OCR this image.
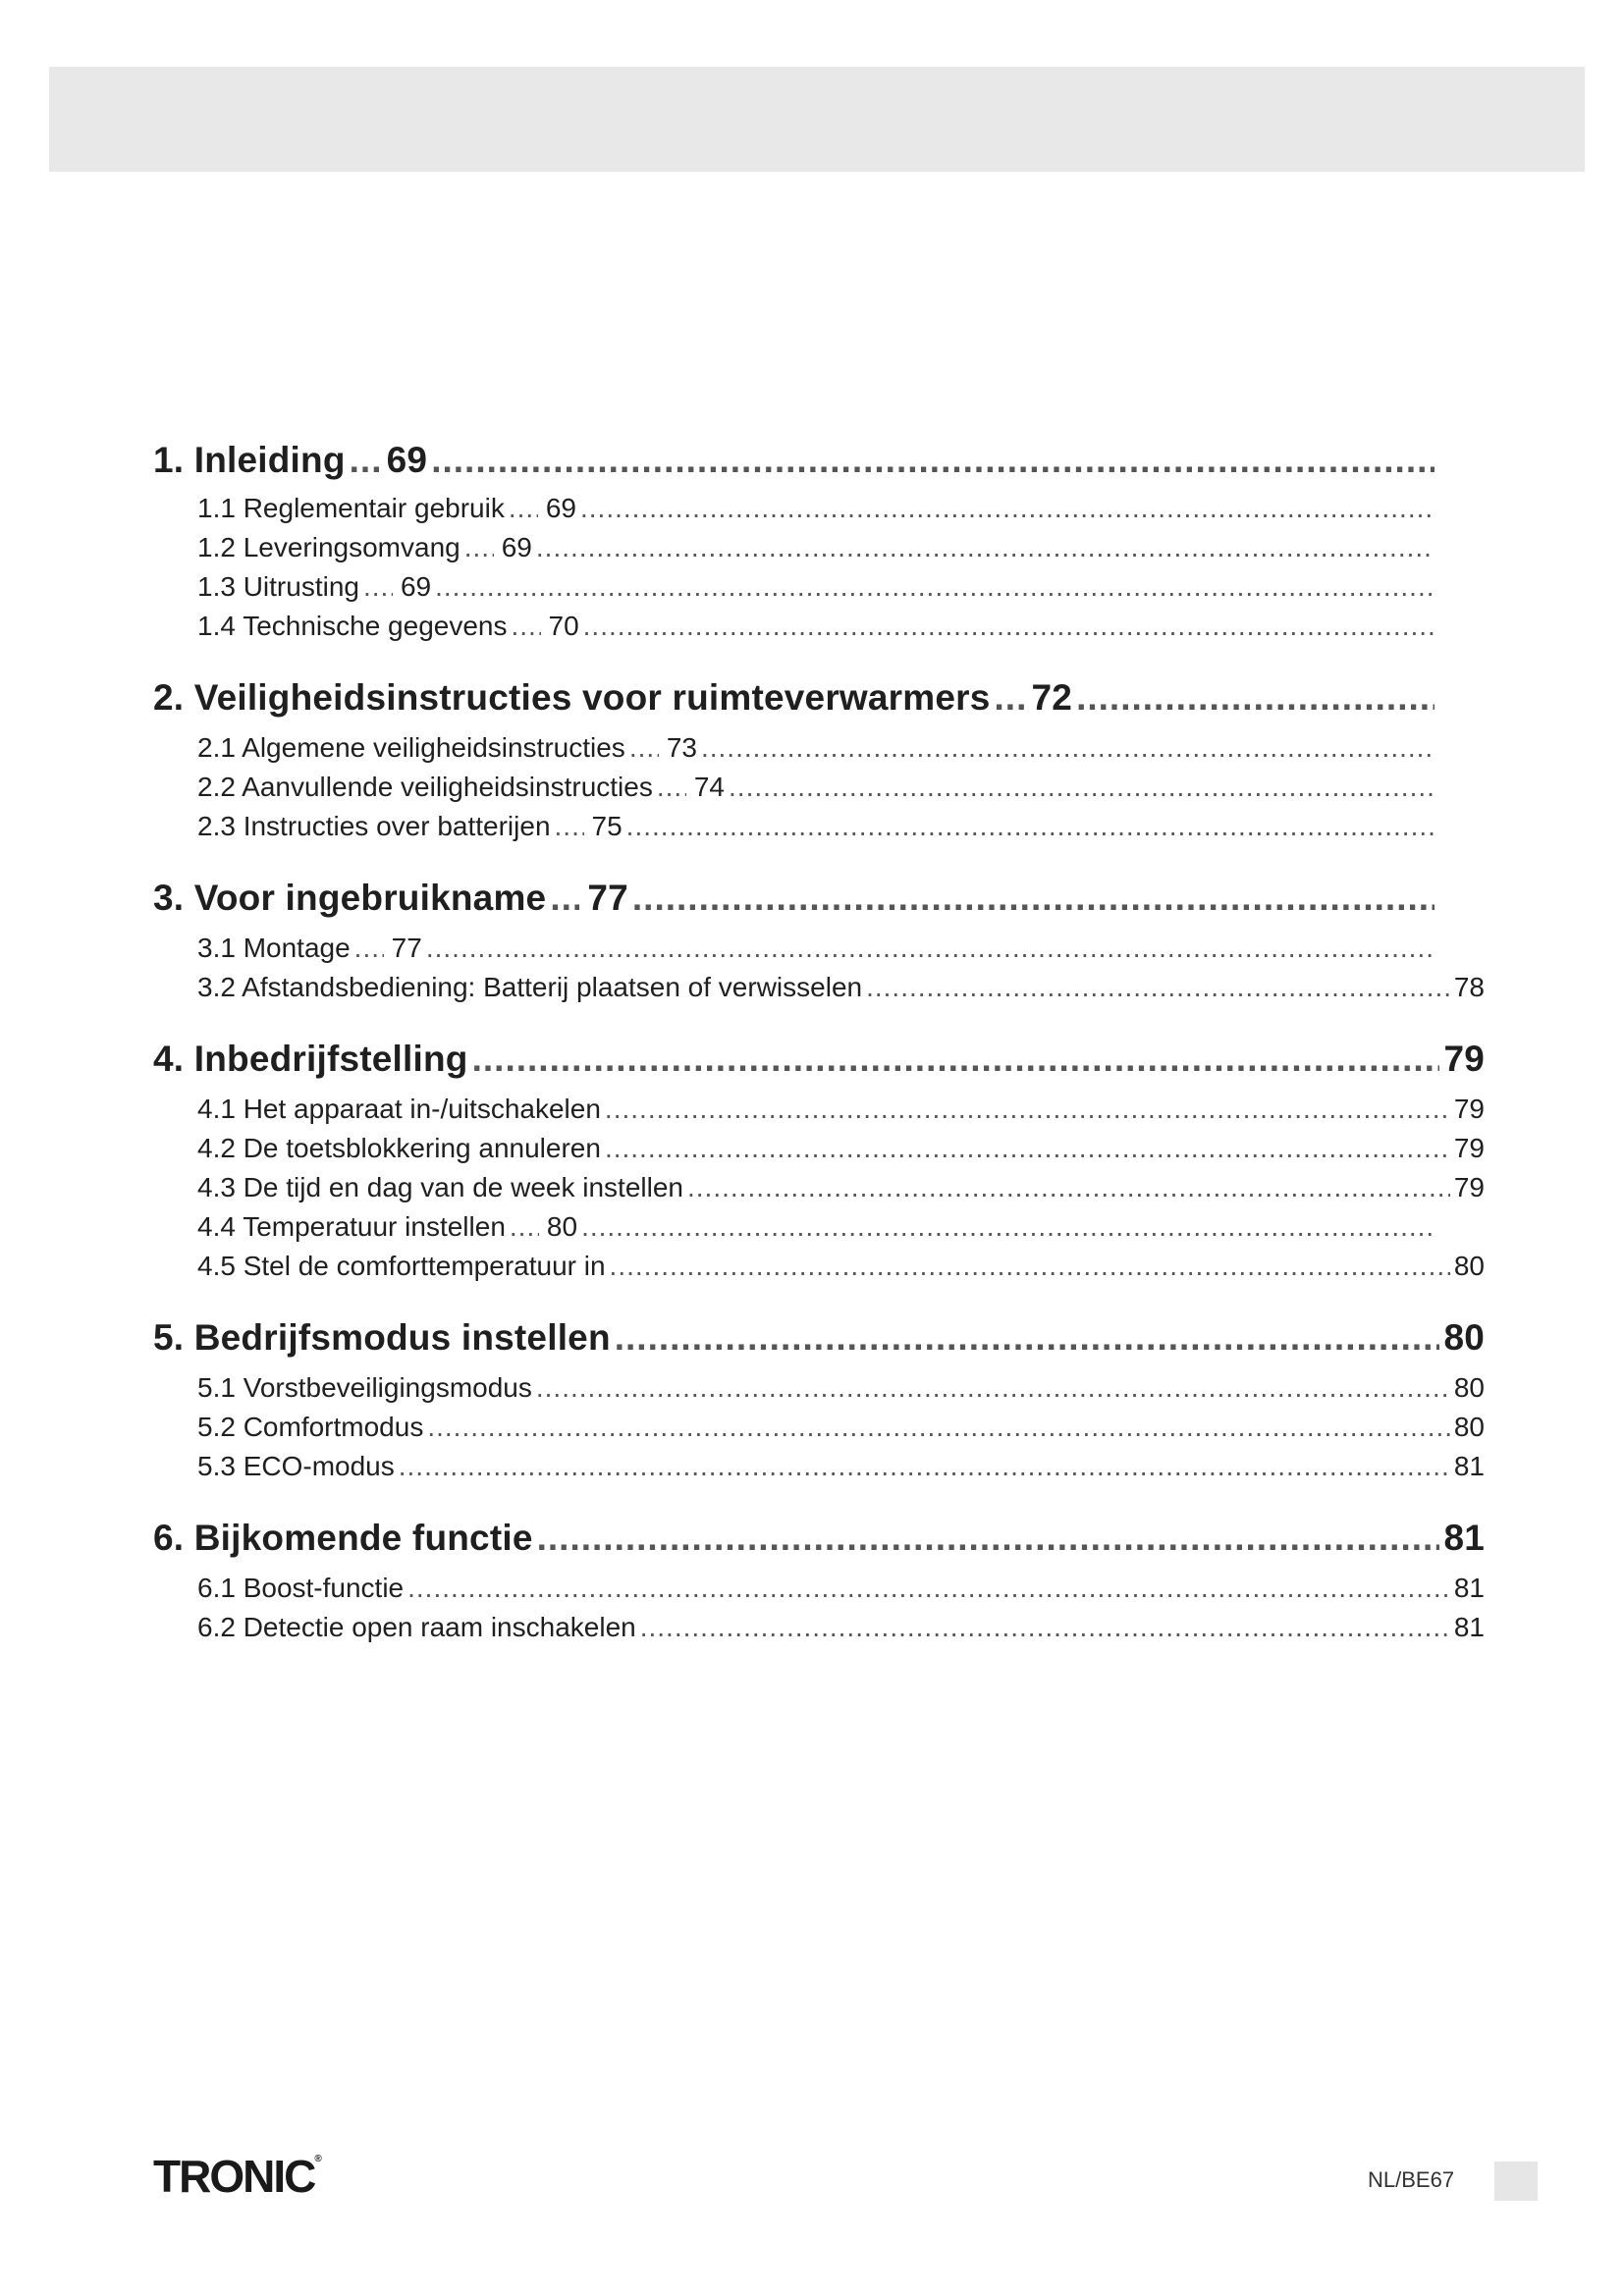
1. Inleiding ..... 69
.....
1.1 Reglementair gebruik ..... 69
.....
1.2 Leveringsomvang ..... 69
.....
1.3 Uitrusting ..... 69
.....
1.4 Technische gegevens ..... 70
.....
2. Veiligheidsinstructies voor ruimteverwarmers ..... 72
.....
2.1 Algemene veiligheidsinstructies ..... 73
.....
2.2 Aanvullende veiligheidsinstructies ..... 74
.....
2.3 Instructies over batterijen ..... 75
.....
3. Voor ingebruikname ..... 77
.....
3.1 Montage ..... 77
.....
3.2 Afstandsbediening: Batterij plaatsen of verwisselen .....	78
4. Inbedrijfstelling .....	79
4.1 Het apparaat in-/uitschakelen .....	79
4.2 De toetsblokkering annuleren .....	79
4.3 De tijd en dag van de week instellen .....	79
4.4 Temperatuur instellen ..... 80
.....
4.5 Stel de comforttemperatuur in .....	80
5. Bedrijfsmodus instellen .....	80
5.1 Vorstbeveiligingsmodus .....	80
5.2 Comfortmodus .....	80
5.3 ECO-modus .....	81
6. Bijkomende functie .....	81
6.1 Boost-functie .....	81
6.2 Detectie open raam inschakelen .....	81
TRONIC®
NL/BE67
